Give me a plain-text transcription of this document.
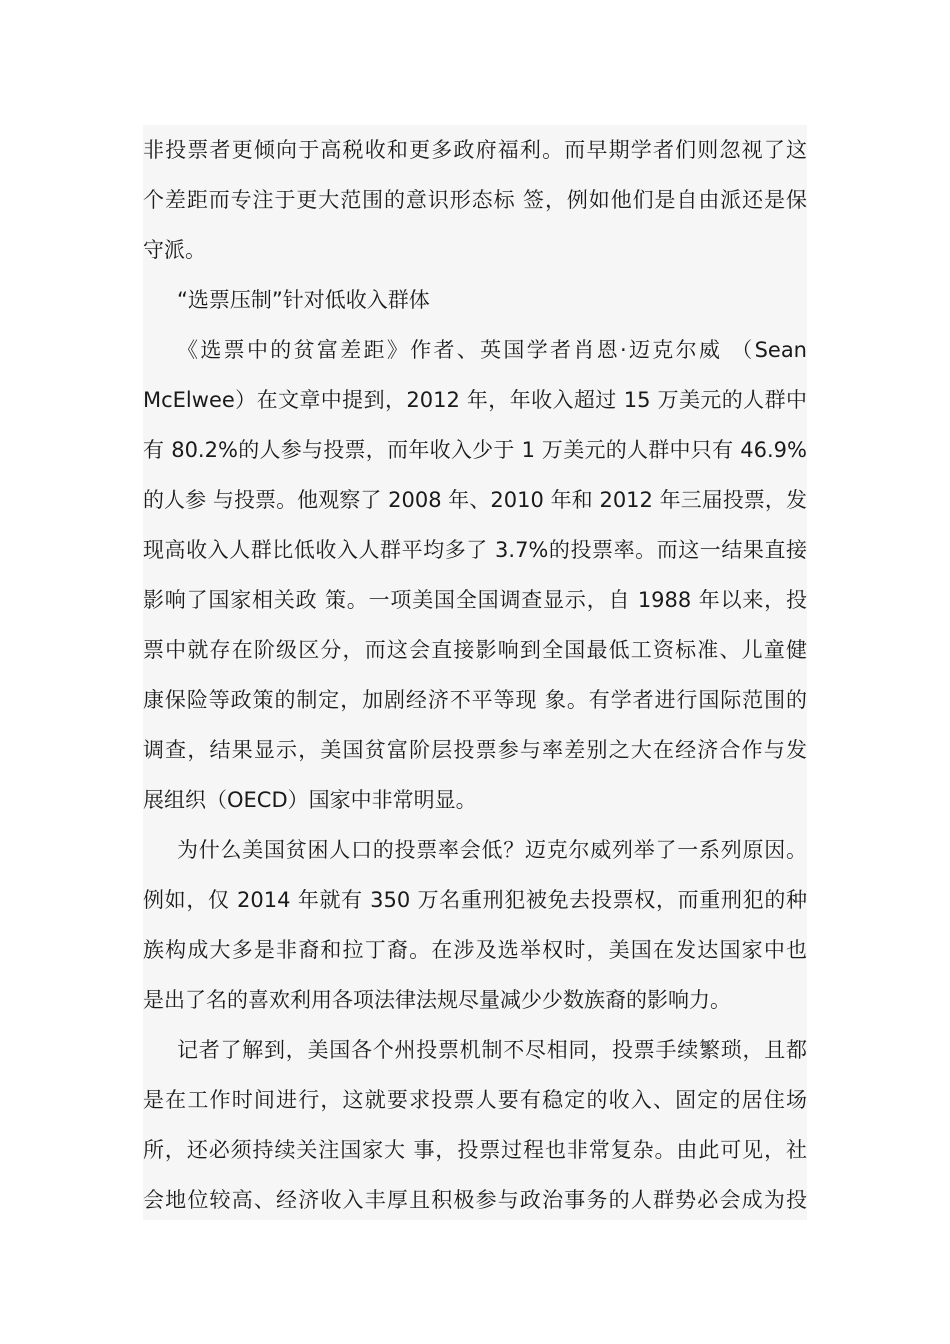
非投票者更倾向于高税收和更多政府福利。而早期学者们则忽视了这
个差距而专注于更大范围的意识形态标 签，例如他们是自由派还是保
守派。
“选票压制”针对低收入群体
《选票中的贫富差距》作者、英国学者肖恩·迈克尔威 （Sean
McElwee）在文章中提到，2012 年，年收入超过 15 万美元的人群中
有 80.2%的人参与投票，而年收入少于 1 万美元的人群中只有 46.9%
的人参 与投票。他观察了 2008 年、2010 年和 2012 年三届投票，发
现高收入人群比低收入人群平均多了 3.7%的投票率。而这一结果直接
影响了国家相关政 策。一项美国全国调查显示，自 1988 年以来，投
票中就存在阶级区分，而这会直接影响到全国最低工资标准、儿童健
康保险等政策的制定，加剧经济不平等现 象。有学者进行国际范围的
调查，结果显示，美国贫富阶层投票参与率差别之大在经济合作与发
展组织（OECD）国家中非常明显。
为什么美国贫困人口的投票率会低？迈克尔威列举了一系列原因。
例如，仅 2014 年就有 350 万名重刑犯被免去投票权，而重刑犯的种
族构成大多是非裔和拉丁裔。在涉及选举权时，美国在发达国家中也
是出了名的喜欢利用各项法律法规尽量减少少数族裔的影响力。
记者了解到，美国各个州投票机制不尽相同，投票手续繁琐，且都
是在工作时间进行，这就要求投票人要有稳定的收入、固定的居住场
所，还必须持续关注国家大 事，投票过程也非常复杂。由此可见，社
会地位较高、经济收入丰厚且积极参与政治事务的人群势必会成为投
